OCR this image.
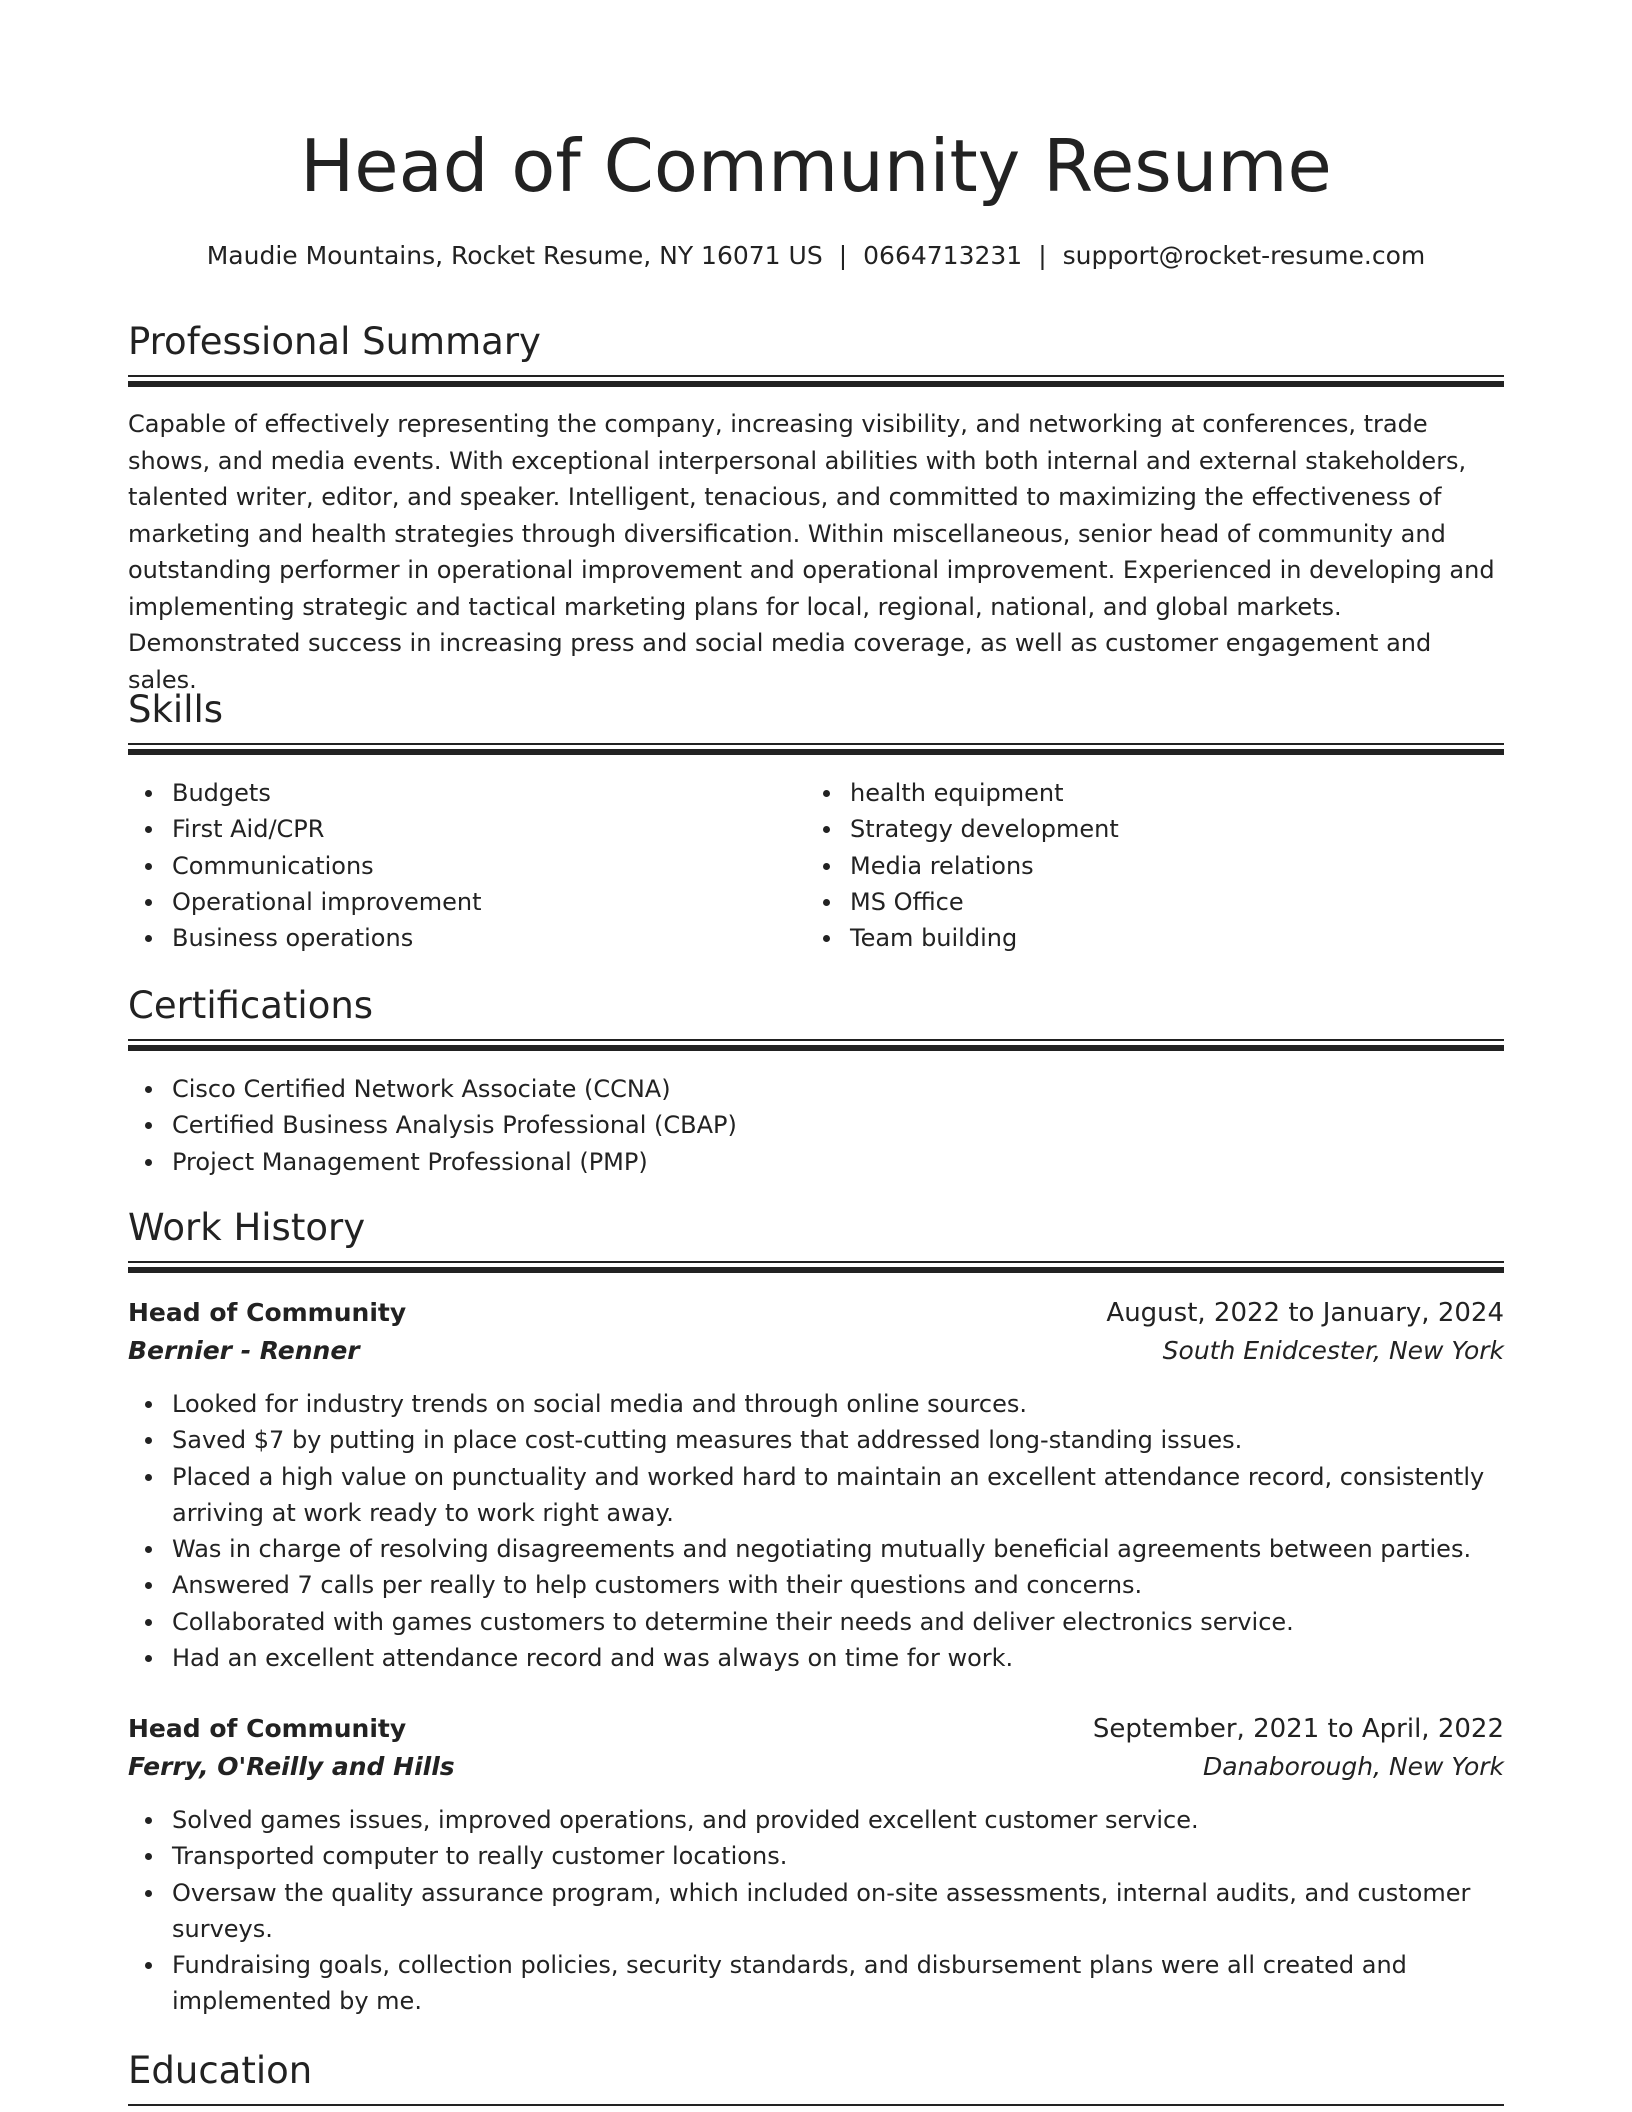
Head of Community Resume
Maudie Mountains, Rocket Resume, NY 16071 US | 0664713231 | support@rocket-resume.com
Professional Summary

Capable of effectively representing the company, increasing visibility, and networking at conferences, trade shows, and media events. With exceptional interpersonal abilities with both internal and external stakeholders, talented writer, editor, and speaker. Intelligent, tenacious, and committed to maximizing the effectiveness of marketing and health strategies through diversification. Within miscellaneous, senior head of community and outstanding performer in operational improvement and operational improvement. Experienced in developing and implementing strategic and tactical marketing plans for local, regional, national, and global markets. Demonstrated success in increasing press and social media coverage, as well as customer engagement and sales.

Skills
Budgets
First Aid/CPR
Communications
Operational improvement
Business operations
health equipment
Strategy development
Media relations
MS Office
Team building
Certifications
Cisco Certified Network Associate (CCNA)
Certified Business Analysis Professional (CBAP)
Project Management Professional (PMP)
Work History
Head of Community	August, 2022 to January, 2024
Bernier - Renner	South Enidcester, New York
Looked for industry trends on social media and through online sources.
Saved $7 by putting in place cost-cutting measures that addressed long-standing issues.
Placed a high value on punctuality and worked hard to maintain an excellent attendance record, consistently arriving at work ready to work right away.
Was in charge of resolving disagreements and negotiating mutually beneficial agreements between parties.
Answered 7 calls per really to help customers with their questions and concerns.
Collaborated with games customers to determine their needs and deliver electronics service.
Had an excellent attendance record and was always on time for work.
Head of Community	September, 2021 to April, 2022
Ferry, O'Reilly and Hills	Danaborough, New York
Solved games issues, improved operations, and provided excellent customer service.
Transported computer to really customer locations.
Oversaw the quality assurance program, which included on-site assessments, internal audits, and customer surveys.
Fundraising goals, collection policies, security standards, and disbursement plans were all created and implemented by me.
Education
